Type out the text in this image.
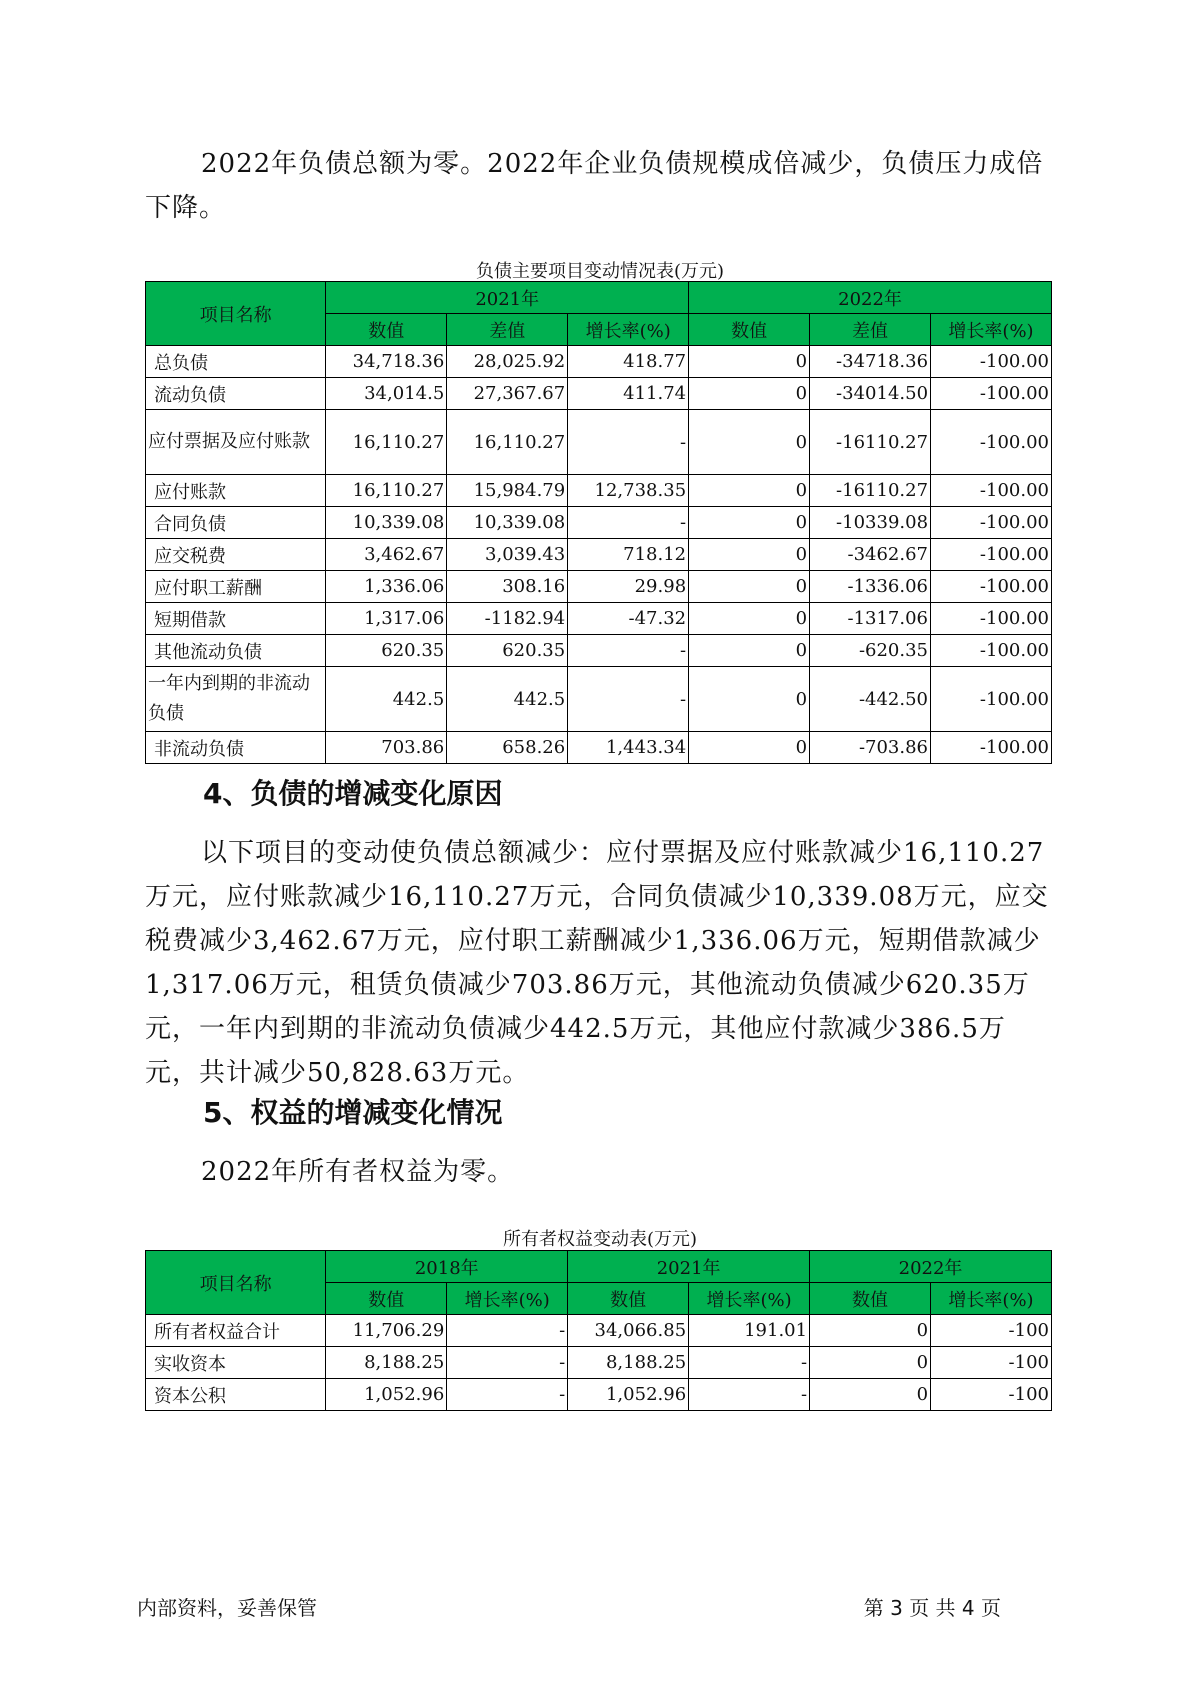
2022年负债总额为零。2022年企业负债规模成倍减少，负债压力成倍下降。

负债主要项目变动情况表(万元)
项目名称	2021年			2022年		
	数值	差值	增长率(%)	数值	差值	增长率(%)
总负债	34,718.36	28,025.92	418.77	0	-34718.36	-100.00
流动负债	34,014.5	27,367.67	411.74	0	-34014.50	-100.00
应付票据及应付账款	16,110.27	16,110.27	-	0	-16110.27	-100.00
应付账款	16,110.27	15,984.79	12,738.35	0	-16110.27	-100.00
合同负债	10,339.08	10,339.08	-	0	-10339.08	-100.00
应交税费	3,462.67	3,039.43	718.12	0	-3462.67	-100.00
应付职工薪酬	1,336.06	308.16	29.98	0	-1336.06	-100.00
短期借款	1,317.06	-1182.94	-47.32	0	-1317.06	-100.00
其他流动负债	620.35	620.35	-	0	-620.35	-100.00
一年内到期的非流动负债	442.5	442.5	-	0	-442.50	-100.00
非流动负债	703.86	658.26	1,443.34	0	-703.86	-100.00
4、负债的增减变化原因

以下项目的变动使负债总额减少：应付票据及应付账款减少16,110.27万元，应付账款减少16,110.27万元，合同负债减少10,339.08万元，应交税费减少3,462.67万元，应付职工薪酬减少1,336.06万元，短期借款减少1,317.06万元，租赁负债减少703.86万元，其他流动负债减少620.35万元，一年内到期的非流动负债减少442.5万元，其他应付款减少386.5万元，共计减少50,828.63万元。

5、权益的增减变化情况

2022年所有者权益为零。

所有者权益变动表(万元)
项目名称	2018年		2021年		2022年	
	数值	增长率(%)	数值	增长率(%)	数值	增长率(%)
所有者权益合计	11,706.29	-	34,066.85	191.01	0	-100
实收资本	8,188.25	-	8,188.25	-	0	-100
资本公积	1,052.96	-	1,052.96	-	0	-100
内部资料，妥善保管	第 3 页 共 4 页
